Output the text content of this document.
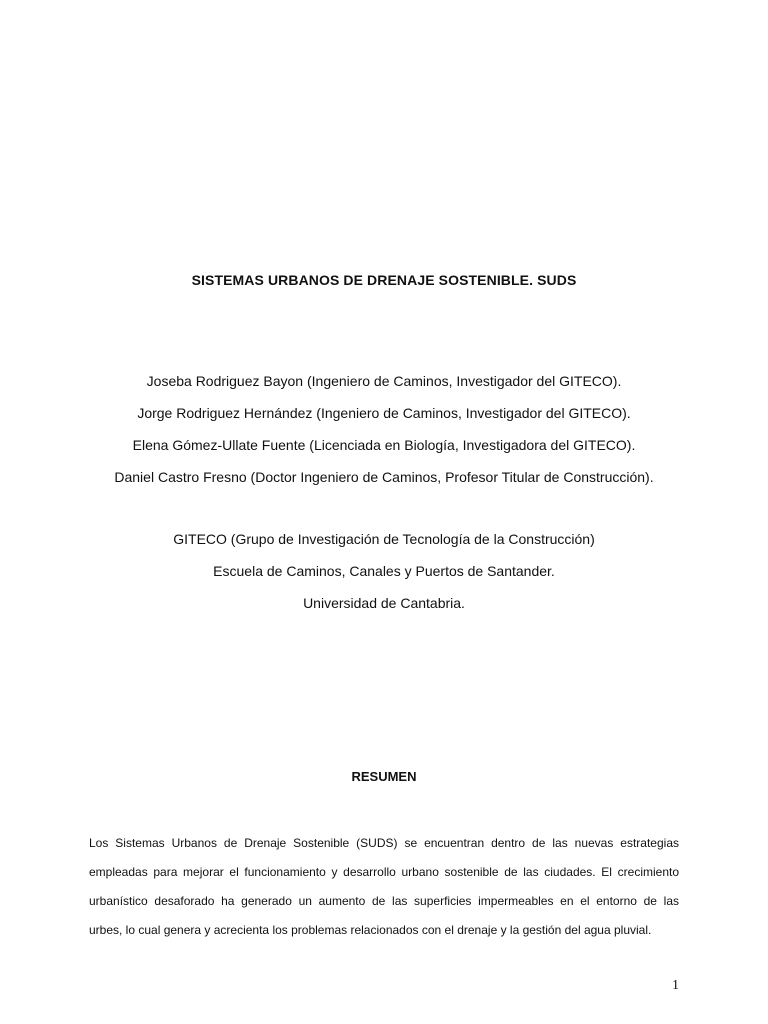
SISTEMAS URBANOS DE DRENAJE SOSTENIBLE. SUDS
Joseba Rodriguez Bayon (Ingeniero de Caminos, Investigador del GITECO).
Jorge Rodriguez Hernández (Ingeniero de Caminos, Investigador del GITECO).
Elena Gómez-Ullate Fuente (Licenciada en Biología, Investigadora del GITECO).
Daniel Castro Fresno (Doctor Ingeniero de Caminos, Profesor Titular de Construcción).
GITECO (Grupo de Investigación de Tecnología de la Construcción)
Escuela de Caminos, Canales y Puertos de Santander.
Universidad de Cantabria.
RESUMEN
Los Sistemas Urbanos de Drenaje Sostenible (SUDS) se encuentran dentro de las nuevas estrategias
empleadas para mejorar el funcionamiento y desarrollo urbano sostenible de las ciudades. El crecimiento
urbanístico desaforado ha generado un aumento de las superficies impermeables en el entorno de las
urbes, lo cual genera y acrecienta los problemas relacionados con el drenaje y la gestión del agua pluvial.
1
